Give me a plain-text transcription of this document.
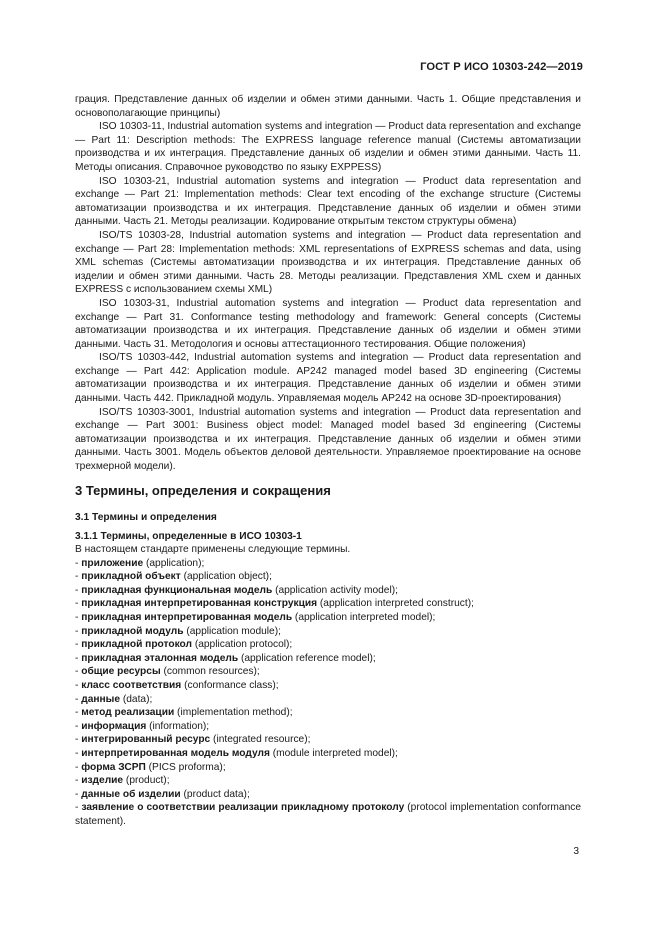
ГОСТ Р ИСО 10303-242—2019

грация. Представление данных об изделии и обмен этими данными. Часть 1. Общие представления и основополагающие принципы)

ISO 10303-11, Industrial automation systems and integration — Product data representation and exchange — Part 11: Description methods: The EXPRESS language reference manual (Системы автоматизации производства и их интеграция. Представление данных об изделии и обмен этими данными. Часть 11. Методы описания. Справочное руководство по языку EXPPESS)

ISO 10303-21, Industrial automation systems and integration — Product data representation and exchange — Part 21: Implementation methods: Clear text encoding of the exchange structure (Системы автоматизации производства и их интеграция. Представление данных об изделии и обмен этими данными. Часть 21. Методы реализации. Кодирование открытым текстом структуры обмена)

ISO/TS 10303-28, Industrial automation systems and integration — Product data representation and exchange — Part 28: Implementation methods: XML representations of EXPRESS schemas and data, using XML schemas (Системы автоматизации производства и их интеграция. Представление данных об изделии и обмен этими данными. Часть 28. Методы реализации. Представления XML схем и данных EXPRESS с использованием схемы XML)

ISO 10303-31, Industrial automation systems and integration — Product data representation and exchange — Part 31. Conformance testing methodology and framework: General concepts (Системы автоматизации производства и их интеграция. Представление данных об изделии и обмен этими данными. Часть 31. Методология и основы аттестационного тестирования. Общие положения)

ISO/TS 10303-442, Industrial automation systems and integration — Product data representation and exchange — Part 442: Application module. AP242 managed model based 3D engineering (Системы автоматизации производства и их интеграция. Представление данных об изделии и обмен этими данными. Часть 442. Прикладной модуль. Управляемая модель AP242 на основе 3D-проектирования)

ISO/TS 10303-3001, Industrial automation systems and integration — Product data representation and exchange — Part 3001: Business object model: Managed model based 3d engineering (Системы автоматизации производства и их интеграция. Представление данных об изделии и обмен этими данными. Часть 3001. Модель объектов деловой деятельности. Управляемое проектирование на основе трехмерной модели).

3 Термины, определения и сокращения
3.1 Термины и определения
3.1.1 Термины, определенные в ИСО 10303-1

В настоящем стандарте применены следующие термины.

- приложение (application);

- прикладной объект (application object);

- прикладная функциональная модель (application activity model);

- прикладная интерпретированная конструкция (application interpreted construct);

- прикладная интерпретированная модель (application interpreted model);

- прикладной модуль (application module);

- прикладной протокол (application protocol);

- прикладная эталонная модель (application reference model);

- общие ресурсы (common resources);

- класс соответствия (conformance class);

- данные (data);

- метод реализации (implementation method);

- информация (information);

- интегрированный ресурс (integrated resource);

- интерпретированная модель модуля (module interpreted model);

- форма ЗСРП (PICS proforma);

- изделие (product);

- данные об изделии (product data);

- заявление о соответствии реализации прикладному протоколу (protocol implementation conformance statement).

3
